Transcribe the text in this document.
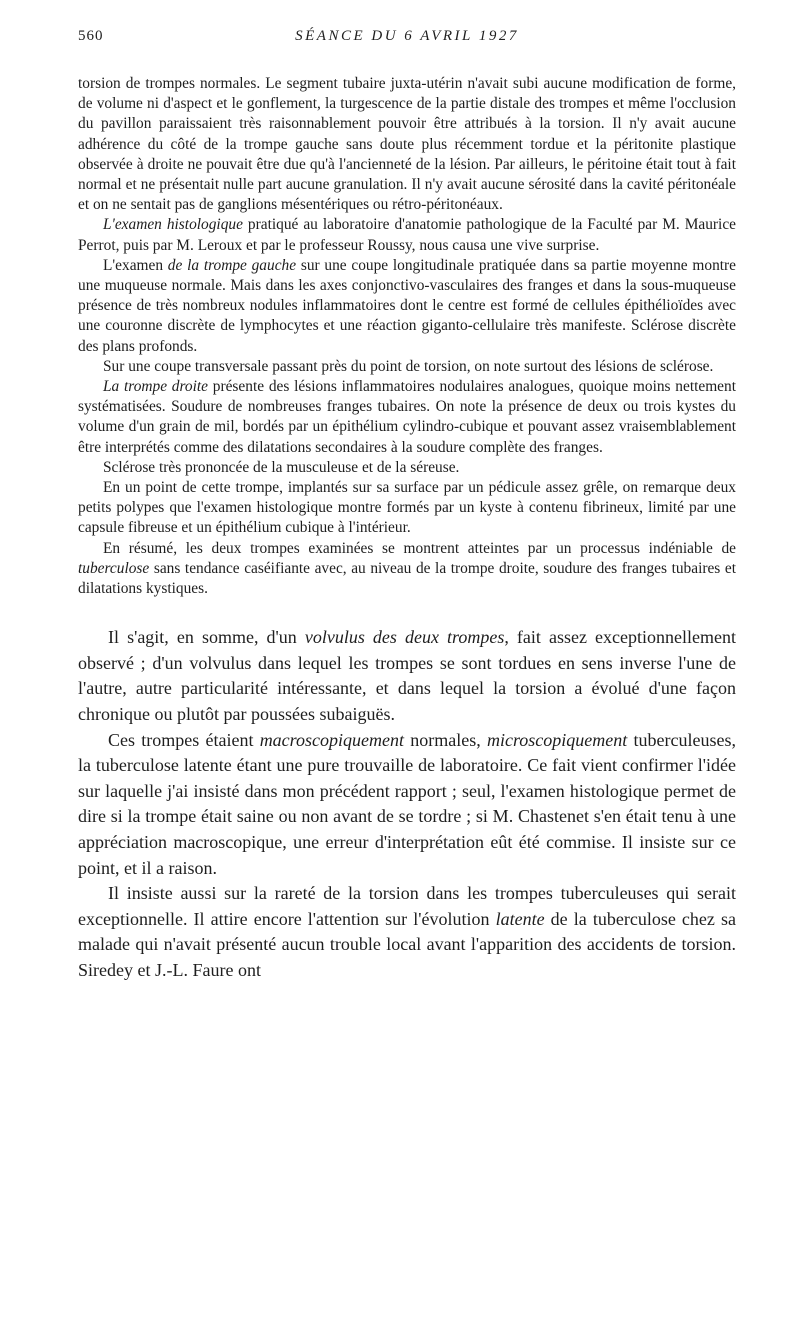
560	SÉANCE DU 6 AVRIL 1927

torsion de trompes normales. Le segment tubaire juxta-utérin n'avait subi aucune modification de forme, de volume ni d'aspect et le gonflement, la turgescence de la partie distale des trompes et même l'occlusion du pavillon paraissaient très raisonnablement pouvoir être attribués à la torsion. Il n'y avait aucune adhérence du côté de la trompe gauche sans doute plus récemment tordue et la péritonite plastique observée à droite ne pouvait être due qu'à l'ancienneté de la lésion. Par ailleurs, le péritoine était tout à fait normal et ne présentait nulle part aucune granulation. Il n'y avait aucune sérosité dans la cavité péritonéale et on ne sentait pas de ganglions mésentériques ou rétro-péritonéaux.

L'examen histologique pratiqué au laboratoire d'anatomie pathologique de la Faculté par M. Maurice Perrot, puis par M. Leroux et par le professeur Roussy, nous causa une vive surprise.

L'examen de la trompe gauche sur une coupe longitudinale pratiquée dans sa partie moyenne montre une muqueuse normale. Mais dans les axes conjonctivo-vasculaires des franges et dans la sous-muqueuse présence de très nombreux nodules inflammatoires dont le centre est formé de cellules épithélioïdes avec une couronne discrète de lymphocytes et une réaction giganto-cellulaire très manifeste. Sclérose discrète des plans profonds.

Sur une coupe transversale passant près du point de torsion, on note surtout des lésions de sclérose.

La trompe droite présente des lésions inflammatoires nodulaires analogues, quoique moins nettement systématisées. Soudure de nombreuses franges tubaires. On note la présence de deux ou trois kystes du volume d'un grain de mil, bordés par un épithélium cylindro-cubique et pouvant assez vraisemblablement être interprétés comme des dilatations secondaires à la soudure complète des franges.

Sclérose très prononcée de la musculeuse et de la séreuse.

En un point de cette trompe, implantés sur sa surface par un pédicule assez grêle, on remarque deux petits polypes que l'examen histologique montre formés par un kyste à contenu fibrineux, limité par une capsule fibreuse et un épithélium cubique à l'intérieur.

En résumé, les deux trompes examinées se montrent atteintes par un processus indéniable de tuberculose sans tendance caséifiante avec, au niveau de la trompe droite, soudure des franges tubaires et dilatations kystiques.

Il s'agit, en somme, d'un volvulus des deux trompes, fait assez exceptionnellement observé ; d'un volvulus dans lequel les trompes se sont tordues en sens inverse l'une de l'autre, autre particularité intéressante, et dans lequel la torsion a évolué d'une façon chronique ou plutôt par poussées subaiguës.

Ces trompes étaient macroscopiquement normales, microscopiquement tuberculeuses, la tuberculose latente étant une pure trouvaille de laboratoire. Ce fait vient confirmer l'idée sur laquelle j'ai insisté dans mon précédent rapport ; seul, l'examen histologique permet de dire si la trompe était saine ou non avant de se tordre ; si M. Chastenet s'en était tenu à une appréciation macroscopique, une erreur d'interprétation eût été commise. Il insiste sur ce point, et il a raison.

Il insiste aussi sur la rareté de la torsion dans les trompes tuberculeuses qui serait exceptionnelle. Il attire encore l'attention sur l'évolution latente de la tuberculose chez sa malade qui n'avait présenté aucun trouble local avant l'apparition des accidents de torsion. Siredey et J.-L. Faure ont
